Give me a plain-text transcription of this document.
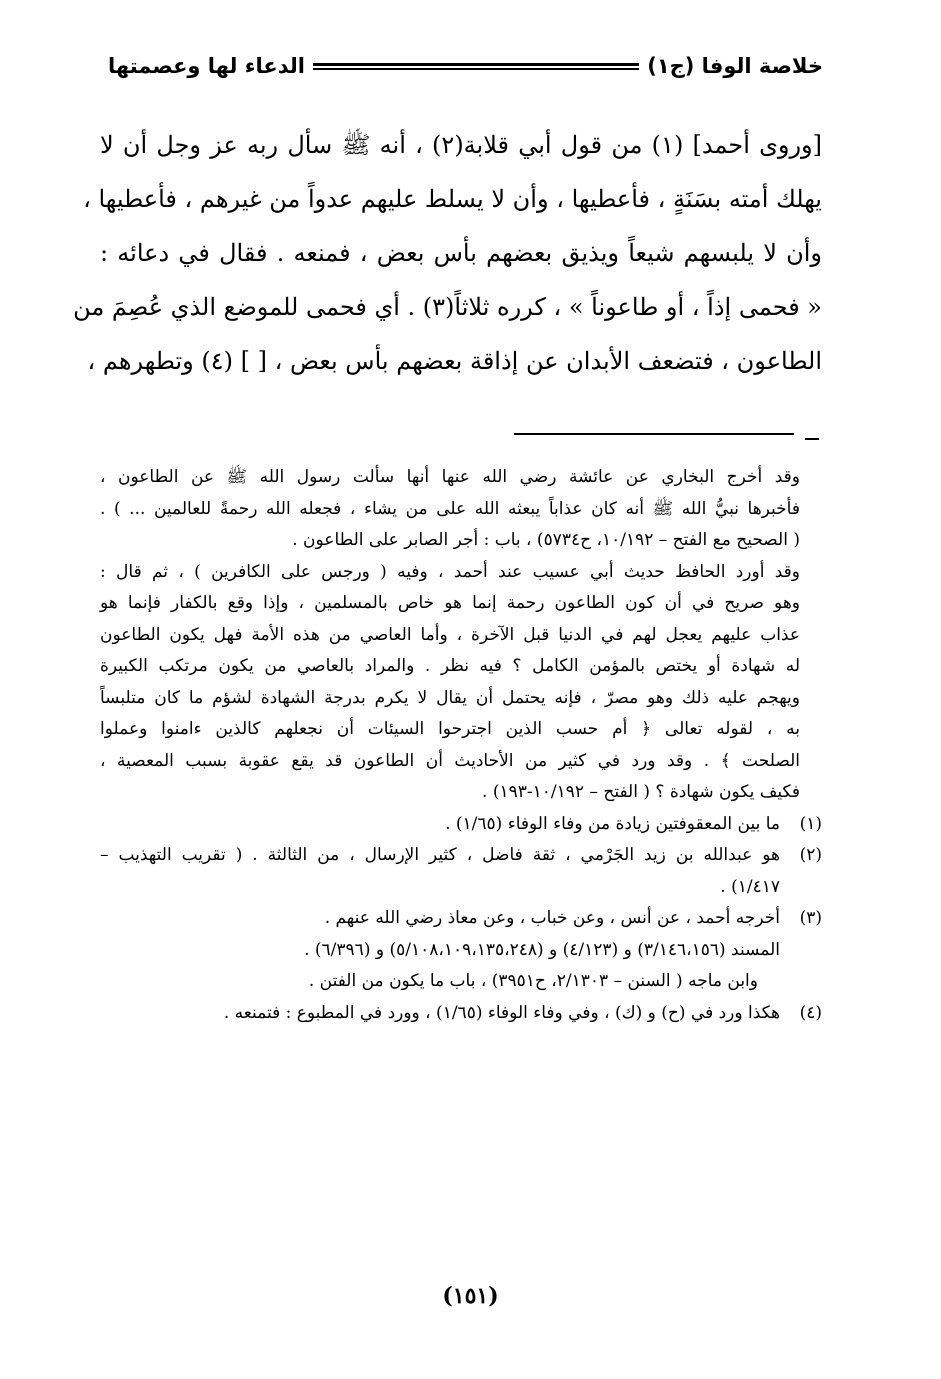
خلاصة الوفا (ج١)
الدعاء لها وعصمتها
[وروى أحمد] (١) من قول أبي قلابة(٢) ، أنه ﷺ سأل ربه عز وجل أن لا
يهلك أمته بسَنَةٍ ، فأعطيها ، وأن لا يسلط عليهم عدواً من غيرهم ، فأعطيها ،
وأن لا يلبسهم شيعاً ويذيق بعضهم بأس بعض ، فمنعه . فقال في دعائه :
« فحمى إذاً ، أو طاعوناً » ، كرره ثلاثاً(٣) . أي فحمى للموضع الذي عُصِمَ من
الطاعون ، فتضعف الأبدان عن إذاقة بعضهم بأس بعض ، [ ] (٤) وتطهرهم ،
وقد أخرج البخاري عن عائشة رضي الله عنها أنها سألت رسول الله ﷺ عن الطاعون ،
فأخبرها نبيُّ الله ﷺ أنه كان عذاباً يبعثه الله على من يشاء ، فجعله الله رحمةً للعالمين ... ) .
( الصحيح مع الفتح – ١٠/١٩٢، ح٥٧٣٤) ، باب : أجر الصابر على الطاعون .
وقد أورد الحافظ حديث أبي عسيب عند أحمد ، وفيه ( ورجس على الكافرين ) ، ثم قال :
وهو صريح في أن كون الطاعون رحمة إنما هو خاص بالمسلمين ، وإذا وقع بالكفار فإنما هو
عذاب عليهم يعجل لهم في الدنيا قبل الآخرة ، وأما العاصي من هذه الأمة فهل يكون الطاعون
له شهادة أو يختص بالمؤمن الكامل ؟ فيه نظر . والمراد بالعاصي من يكون مرتكب الكبيرة
ويهجم عليه ذلك وهو مصرّ ، فإنه يحتمل أن يقال لا يكرم بدرجة الشهادة لشؤم ما كان متلبساً
به ، لقوله تعالى ﴿ أم حسب الذين اجترحوا السيئات أن نجعلهم كالذين ءامنوا وعملوا
الصلحت ﴾ . وقد ورد في كثير من الأحاديث أن الطاعون قد يقع عقوبة بسبب المعصية ،
فكيف يكون شهادة ؟ ( الفتح – ١٠/١٩٢-١٩٣) .
(١)
ما بين المعقوفتين زيادة من وفاء الوفاء (١/٦٥) .
(٢)
هو عبدالله بن زيد الجَرْمي ، ثقة فاضل ، كثير الإرسال ، من الثالثة . ( تقريب التهذيب –
١/٤١٧) .
(٣)
أخرجه أحمد ، عن أنس ، وعن خباب ، وعن معاذ رضي الله عنهم .
المسند (٣/١٤٦،١٥٦) و (٤/١٢٣) و (٥/١٠٨،١٠٩،١٣٥،٢٤٨) و (٦/٣٩٦) .
وابن ماجه ( السنن – ٢/١٣٠٣، ح٣٩٥١) ، باب ما يكون من الفتن .
(٤)
هكذا ورد في (ح) و (ك) ، وفي وفاء الوفاء (١/٦٥) ، وورد في المطبوع : فتمنعه .
(١٥١)
